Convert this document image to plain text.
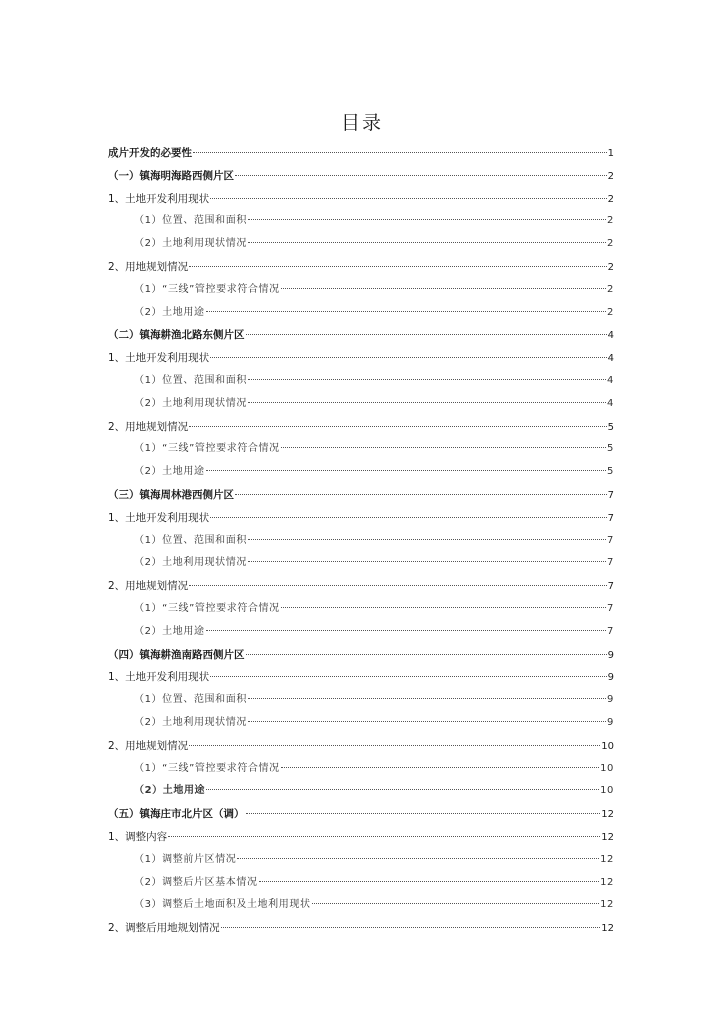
目录
成片开发的必要性	1
（一）镇海明海路西侧片区	2
1、土地开发利用现状	2
（1）位置、范围和面积	2
（2）土地利用现状情况	2
2、用地规划情况	2
（1）“三线”管控要求符合情况	2
（2）土地用途	2
（二）镇海耕渔北路东侧片区	4
1、土地开发利用现状	4
（1）位置、范围和面积	4
（2）土地利用现状情况	4
2、用地规划情况	5
（1）“三线”管控要求符合情况	5
（2）土地用途	5
（三）镇海周林港西侧片区	7
1、土地开发利用现状	7
（1）位置、范围和面积	7
（2）土地利用现状情况	7
2、用地规划情况	7
（1）“三线”管控要求符合情况	7
（2）土地用途	7
（四）镇海耕渔南路西侧片区	9
1、土地开发利用现状	9
（1）位置、范围和面积	9
（2）土地利用现状情况	9
2、用地规划情况	10
（1）“三线”管控要求符合情况	10
（2）土地用途	10
（五）镇海庄市北片区（调）	12
1、调整内容	12
（1）调整前片区情况	12
（2）调整后片区基本情况	12
（3）调整后土地面积及土地利用现状	12
2、调整后用地规划情况	12
